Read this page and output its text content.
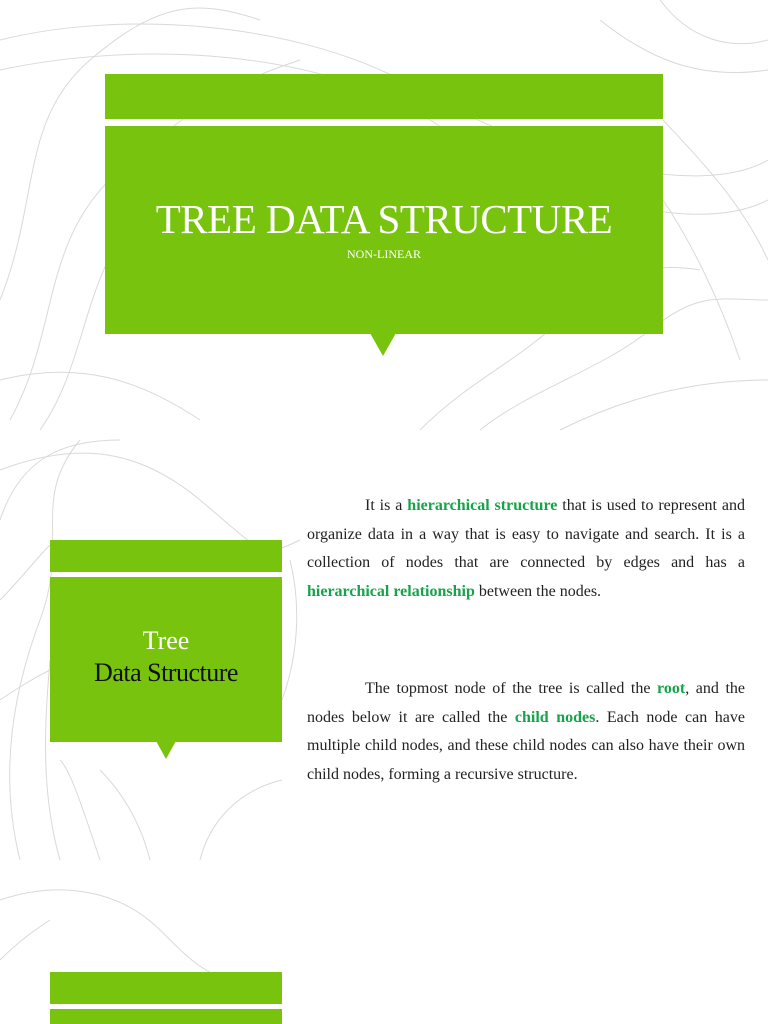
TREE DATA STRUCTURE
NON-LINEAR
Tree
Data Structure

It is a hierarchical structure that is used to represent and organize data in a way that is easy to navigate and search. It is a collection of nodes that are connected by edges and has a hierarchical relationship between the nodes.

The topmost node of the tree is called the root, and the nodes below it are called the child nodes. Each node can have multiple child nodes, and these child nodes can also have their own child nodes, forming a recursive structure.
